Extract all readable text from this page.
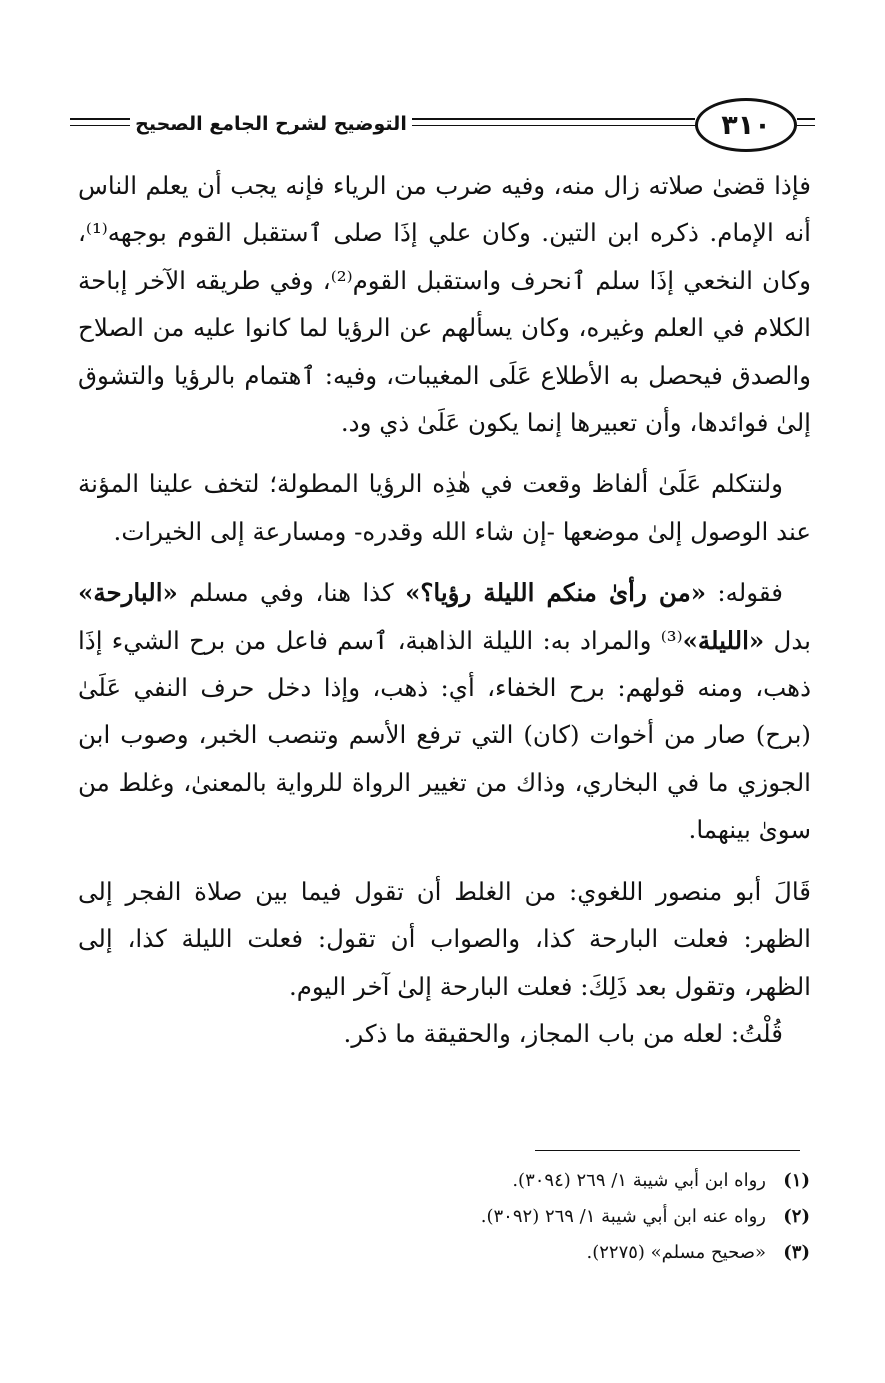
التوضيح لشرح الجامع الصحيح	٣١٠

فإذا قضىٰ صلاته زال منه، وفيه ضرب من الرياء فإنه يجب أن يعلم الناس أنه الإمام. ذكره ابن التين. وكان علي إذَا صلى ٱستقبل القوم بوجهه⁽¹⁾، وكان النخعي إذَا سلم ٱنحرف واستقبل القوم⁽²⁾، وفي طريقه الآخر إباحة الكلام في العلم وغيره، وكان يسألهم عن الرؤيا لما كانوا عليه من الصلاح والصدق فيحصل به الأطلاع عَلَى المغيبات، وفيه: ٱهتمام بالرؤيا والتشوق إلىٰ فوائدها، وأن تعبيرها إنما يكون عَلَىٰ ذي ود.

ولنتكلم عَلَىٰ ألفاظ وقعت في هٰذِه الرؤيا المطولة؛ لتخف علينا المؤنة عند الوصول إلىٰ موضعها -إن شاء الله وقدره- ومسارعة إلى الخيرات.

فقوله: «من رأىٰ منكم الليلة رؤيا؟» كذا هنا، وفي مسلم «البارحة» بدل «الليلة»⁽³⁾ والمراد به: الليلة الذاهبة، ٱسم فاعل من برح الشيء إذَا ذهب، ومنه قولهم: برح الخفاء، أي: ذهب، وإذا دخل حرف النفي عَلَىٰ (برح) صار من أخوات (كان) التي ترفع الأسم وتنصب الخبر، وصوب ابن الجوزي ما في البخاري، وذاك من تغيير الرواة للرواية بالمعنىٰ، وغلط من سوىٰ بينهما.

قَالَ أبو منصور اللغوي: من الغلط أن تقول فيما بين صلاة الفجر إلى الظهر: فعلت البارحة كذا، والصواب أن تقول: فعلت الليلة كذا، إلى الظهر، وتقول بعد ذَلِكَ: فعلت البارحة إلىٰ آخر اليوم.

قُلْتُ: لعله من باب المجاز، والحقيقة ما ذكر.

(١)
رواه ابن أبي شيبة ١/ ٢٦٩ (٣٠٩٤).
(٢)
رواه عنه ابن أبي شيبة ١/ ٢٦٩ (٣٠٩٢).
(٣)
«صحيح مسلم» (٢٢٧٥).
